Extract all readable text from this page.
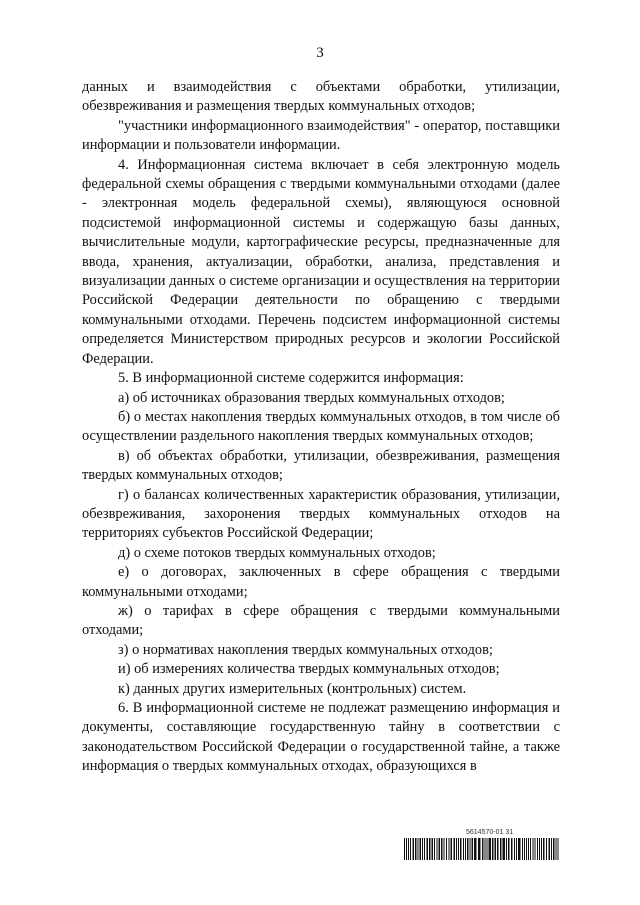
3

данных и взаимодействия с объектами обработки, утилизации, обезвреживания и размещения твердых коммунальных отходов;

"участники информационного взаимодействия" - оператор, поставщики информации и пользователи информации.

4. Информационная система включает в себя электронную модель федеральной схемы обращения с твердыми коммунальными отходами (далее - электронная модель федеральной схемы), являющуюся основной подсистемой информационной системы и содержащую базы данных, вычислительные модули, картографические ресурсы, предназначенные для ввода, хранения, актуализации, обработки, анализа, представления и визуализации данных о системе организации и осуществления на территории Российской Федерации деятельности по обращению с твердыми коммунальными отходами. Перечень подсистем информационной системы определяется Министерством природных ресурсов и экологии Российской Федерации.

5. В информационной системе содержится информация:

а) об источниках образования твердых коммунальных отходов;

б) о местах накопления твердых коммунальных отходов, в том числе об осуществлении раздельного накопления твердых коммунальных отходов;

в) об объектах обработки, утилизации, обезвреживания, размещения твердых коммунальных отходов;

г) о балансах количественных характеристик образования, утилизации, обезвреживания, захоронения твердых коммунальных отходов на территориях субъектов Российской Федерации;

д) о схеме потоков твердых коммунальных отходов;

е) о договорах, заключенных в сфере обращения с твердыми коммунальными отходами;

ж) о тарифах в сфере обращения с твердыми коммунальными отходами;

з) о нормативах накопления твердых коммунальных отходов;

и) об измерениях количества твердых коммунальных отходов;

к) данных других измерительных (контрольных) систем.

6. В информационной системе не подлежат размещению информация и документы, составляющие государственную тайну в соответствии с законодательством Российской Федерации о государственной тайне, а также информация о твердых коммунальных отходах, образующихся в

5614570-01 31
